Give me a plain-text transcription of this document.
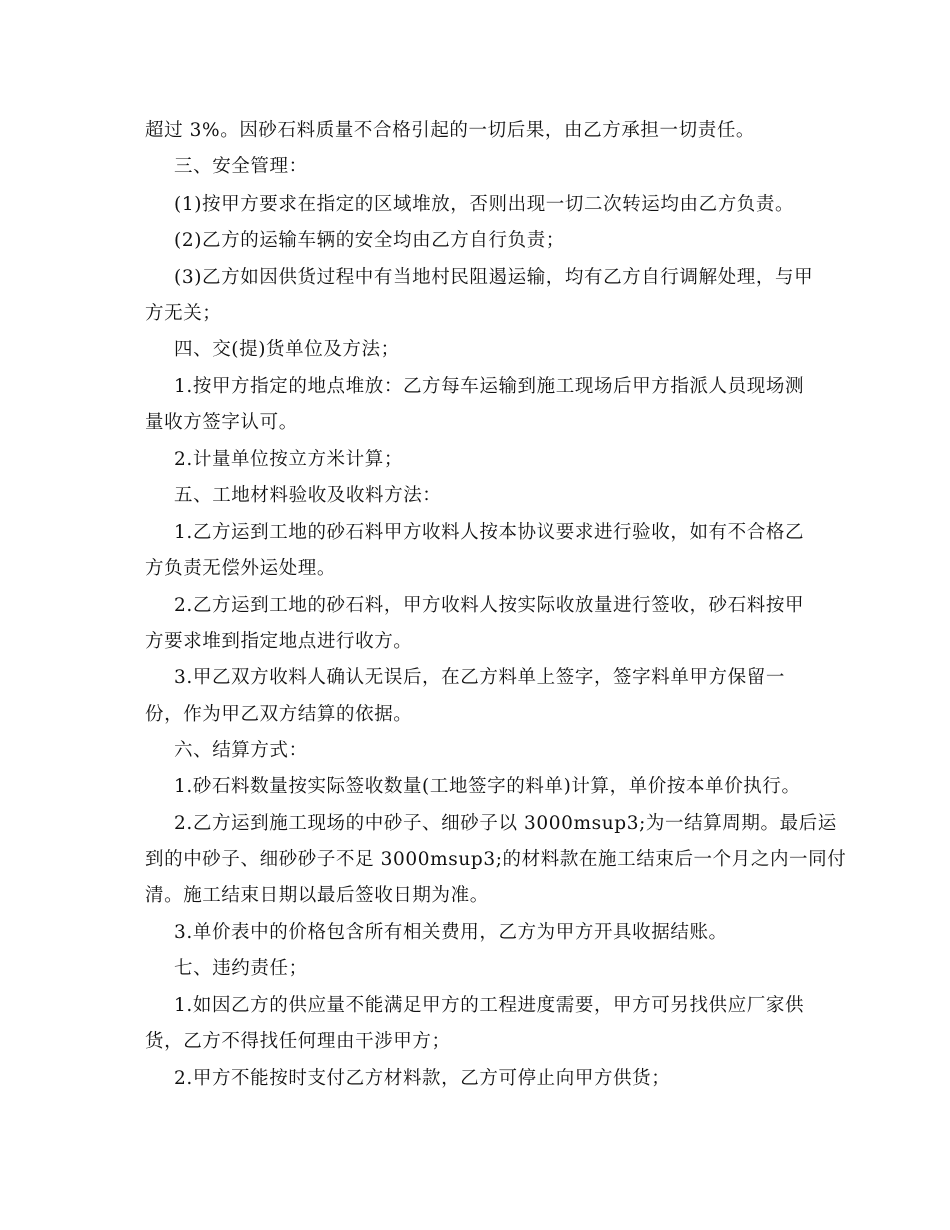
超过 3%。因砂石料质量不合格引起的一切后果，由乙方承担一切责任。
三、安全管理：
(1)按甲方要求在指定的区域堆放，否则出现一切二次转运均由乙方负责。
(2)乙方的运输车辆的安全均由乙方自行负责；
(3)乙方如因供货过程中有当地村民阻遏运输，均有乙方自行调解处理，与甲
方无关；
四、交(提)货单位及方法；
1.按甲方指定的地点堆放：乙方每车运输到施工现场后甲方指派人员现场测
量收方签字认可。
2.计量单位按立方米计算；
五、工地材料验收及收料方法：
1.乙方运到工地的砂石料甲方收料人按本协议要求进行验收，如有不合格乙
方负责无偿外运处理。
2.乙方运到工地的砂石料，甲方收料人按实际收放量进行签收，砂石料按甲
方要求堆到指定地点进行收方。
3.甲乙双方收料人确认无误后，在乙方料单上签字，签字料单甲方保留一
份，作为甲乙双方结算的依据。
六、结算方式：
1.砂石料数量按实际签收数量(工地签字的料单)计算，单价按本单价执行。
2.乙方运到施工现场的中砂子、细砂子以 3000msup3;为一结算周期。最后运
到的中砂子、细砂砂子不足 3000msup3;的材料款在施工结束后一个月之内一同付
清。施工结束日期以最后签收日期为准。
3.单价表中的价格包含所有相关费用，乙方为甲方开具收据结账。
七、违约责任；
1.如因乙方的供应量不能满足甲方的工程进度需要，甲方可另找供应厂家供
货，乙方不得找任何理由干涉甲方；
2.甲方不能按时支付乙方材料款，乙方可停止向甲方供货；
